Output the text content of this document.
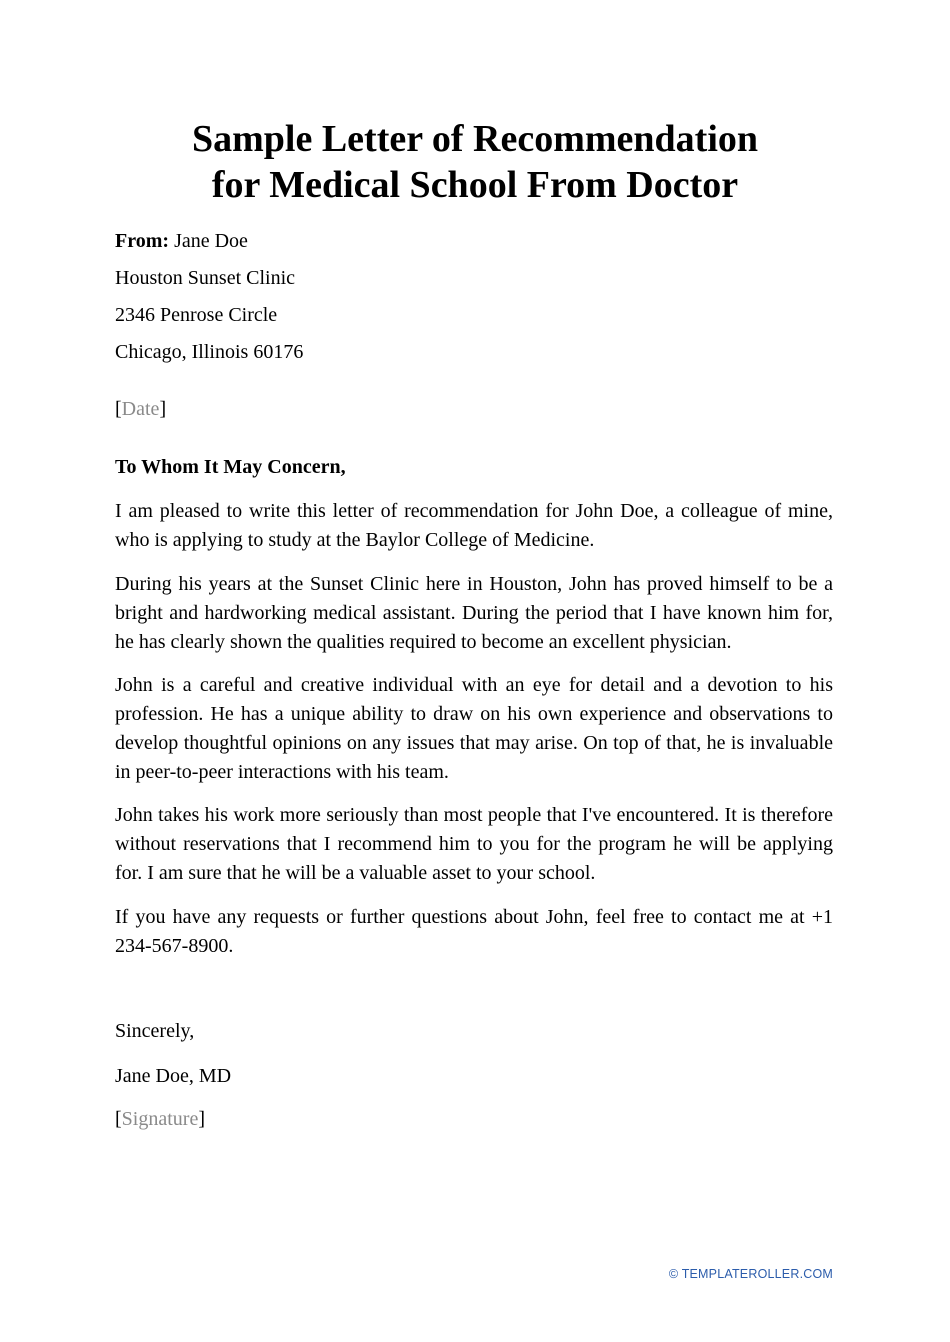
Sample Letter of Recommendation
for Medical School From Doctor
From: Jane Doe
Houston Sunset Clinic
2346 Penrose Circle
Chicago, Illinois 60176
[Date]
To Whom It May Concern,

I am pleased to write this letter of recommendation for John Doe, a colleague of mine, who is applying to study at the Baylor College of Medicine.

During his years at the Sunset Clinic here in Houston, John has proved himself to be a bright and hardworking medical assistant. During the period that I have known him for, he has clearly shown the qualities required to become an excellent physician.

John is a careful and creative individual with an eye for detail and a devotion to his profession. He has a unique ability to draw on his own experience and observations to develop thoughtful opinions on any issues that may arise. On top of that, he is invaluable in peer-to-peer interactions with his team.

John takes his work more seriously than most people that I've encountered. It is therefore without reservations that I recommend him to you for the program he will be applying for. I am sure that he will be a valuable asset to your school.

If you have any requests or further questions about John, feel free to contact me at +1 234-567-8900.

Sincerely,
Jane Doe, MD
[Signature]
© TEMPLATEROLLER.COM
